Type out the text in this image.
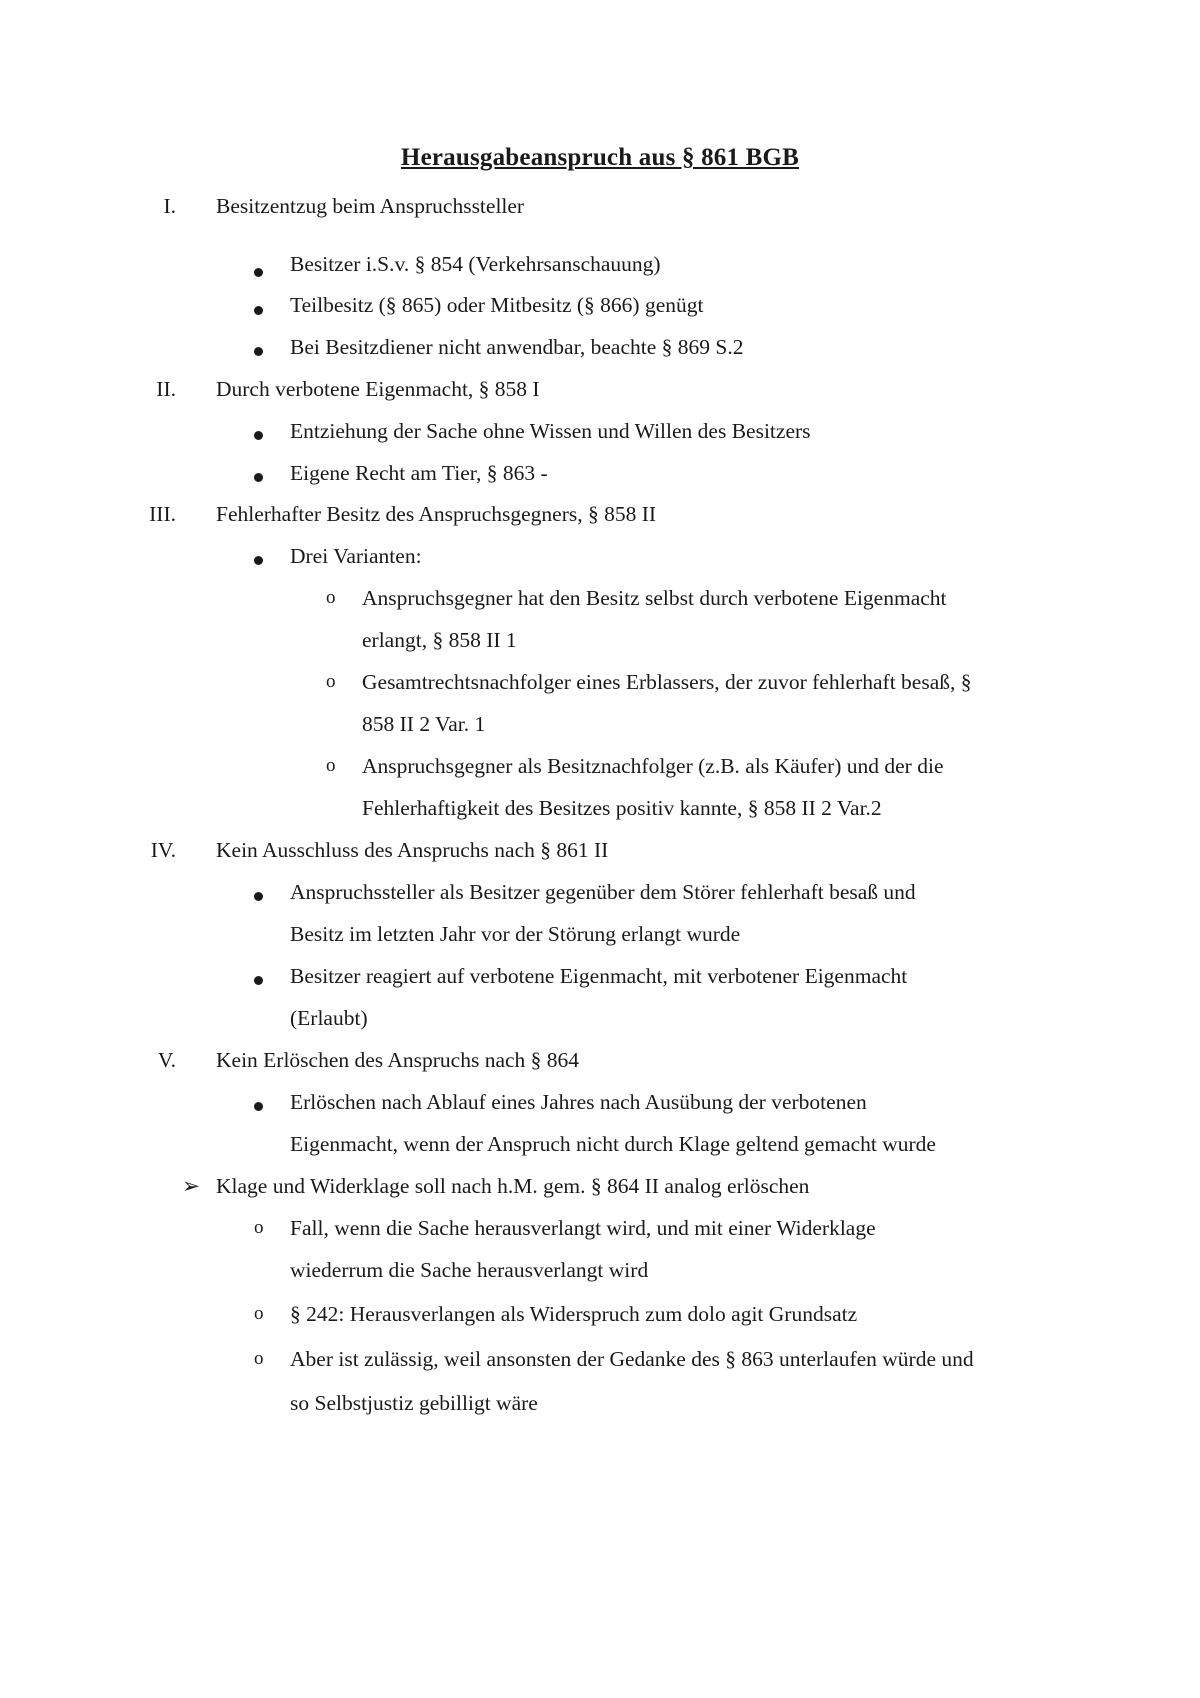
Herausgabeanspruch aus § 861 BGB
I. Besitzentzug beim Anspruchssteller
Besitzer i.S.v. § 854 (Verkehrsanschauung)
Teilbesitz (§ 865) oder Mitbesitz (§ 866) genügt
Bei Besitzdiener nicht anwendbar, beachte § 869 S.2
II. Durch verbotene Eigenmacht, § 858 I
Entziehung der Sache ohne Wissen und Willen des Besitzers
Eigene Recht am Tier, § 863 -
III. Fehlerhafter Besitz des Anspruchsgegners, § 858 II
Drei Varianten:
o Anspruchsgegner hat den Besitz selbst durch verbotene Eigenmacht
erlangt, § 858 II 1
o Gesamtrechtsnachfolger eines Erblassers, der zuvor fehlerhaft besaß, §
858 II 2 Var. 1
o Anspruchsgegner als Besitznachfolger (z.B. als Käufer) und der die
Fehlerhaftigkeit des Besitzes positiv kannte, § 858 II 2 Var.2
IV. Kein Ausschluss des Anspruchs nach § 861 II
Anspruchssteller als Besitzer gegenüber dem Störer fehlerhaft besaß und
Besitz im letzten Jahr vor der Störung erlangt wurde
Besitzer reagiert auf verbotene Eigenmacht, mit verbotener Eigenmacht
(Erlaubt)
V. Kein Erlöschen des Anspruchs nach § 864
Erlöschen nach Ablauf eines Jahres nach Ausübung der verbotenen
Eigenmacht, wenn der Anspruch nicht durch Klage geltend gemacht wurde
➢ Klage und Widerklage soll nach h.M. gem. § 864 II analog erlöschen
o Fall, wenn die Sache herausverlangt wird, und mit einer Widerklage
wiederrum die Sache herausverlangt wird
o § 242: Herausverlangen als Widerspruch zum dolo agit Grundsatz
o Aber ist zulässig, weil ansonsten der Gedanke des § 863 unterlaufen würde und
so Selbstjustiz gebilligt wäre
